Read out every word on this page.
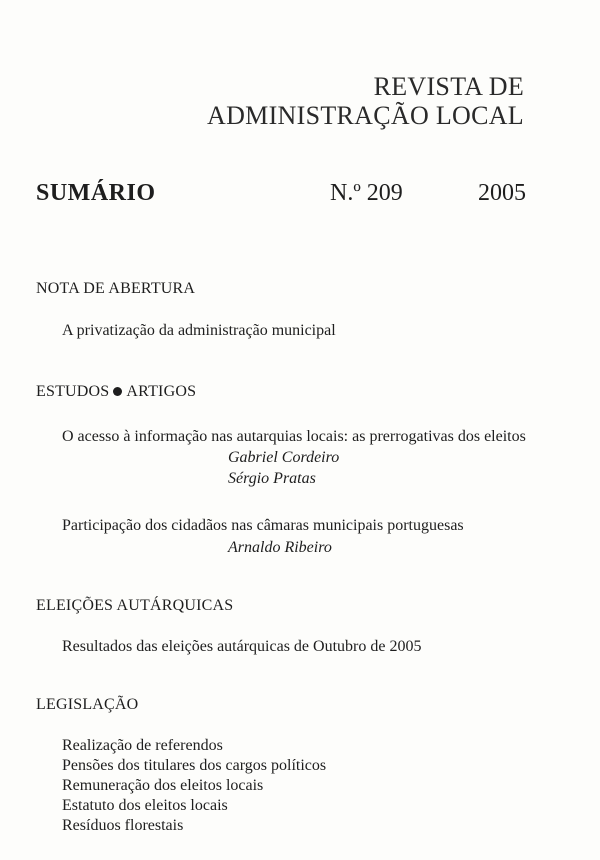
REVISTA DE
ADMINISTRAÇÃO LOCAL
SUMÁRIO	N.º 209	2005
NOTA DE ABERTURA
A privatização da administração municipal
ESTUDOS ARTIGOS
O acesso à informação nas autarquias locais: as prerrogativas dos eleitos
Gabriel Cordeiro
Sérgio Pratas
Participação dos cidadãos nas câmaras municipais portuguesas
Arnaldo Ribeiro
ELEIÇÕES AUTÁRQUICAS
Resultados das eleições autárquicas de Outubro de 2005
LEGISLAÇÃO
Realização de referendos
Pensões dos titulares dos cargos políticos
Remuneração dos eleitos locais
Estatuto dos eleitos locais
Resíduos florestais
